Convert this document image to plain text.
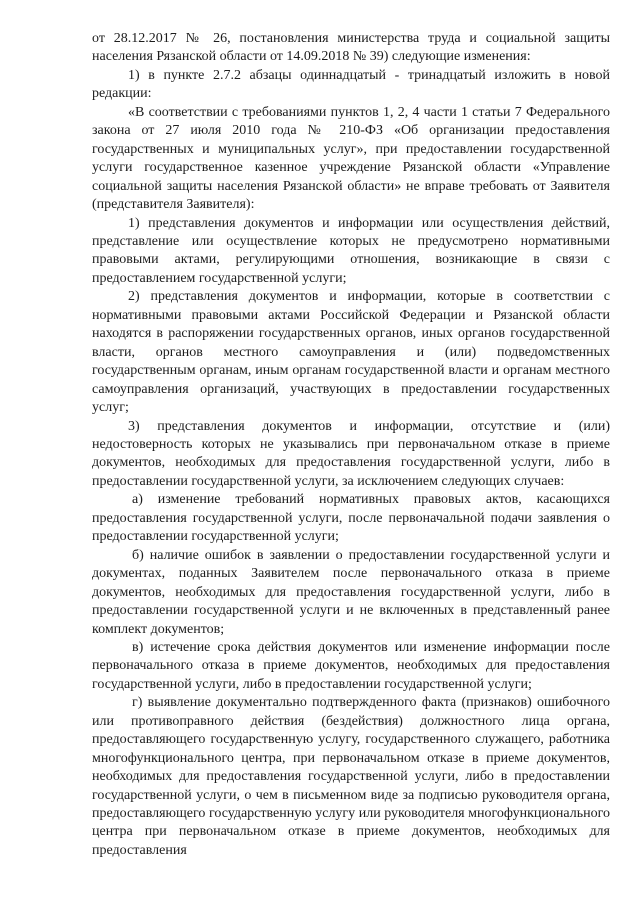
от 28.12.2017 № 26, постановления министерства труда и социальной защиты населения Рязанской области от 14.09.2018 № 39) следующие изменения:

1) в пункте 2.7.2 абзацы одиннадцатый - тринадцатый изложить в новой редакции:

«В соответствии с требованиями пунктов 1, 2, 4 части 1 статьи 7 Федерального закона от 27 июля 2010 года № 210-ФЗ «Об организации предоставления государственных и муниципальных услуг», при предоставлении государственной услуги государственное казенное учреждение Рязанской области «Управление социальной защиты населения Рязанской области» не вправе требовать от Заявителя (представителя Заявителя):

1) представления документов и информации или осуществления действий, представление или осуществление которых не предусмотрено нормативными правовыми актами, регулирующими отношения, возникающие в связи с предоставлением государственной услуги;

2) представления документов и информации, которые в соответствии с нормативными правовыми актами Российской Федерации и Рязанской области находятся в распоряжении государственных органов, иных органов государственной власти, органов местного самоуправления и (или) подведомственных государственным органам, иным органам государственной власти и органам местного самоуправления организаций, участвующих в предоставлении государственных услуг;

3) представления документов и информации, отсутствие и (или) недостоверность которых не указывались при первоначальном отказе в приеме документов, необходимых для предоставления государственной услуги, либо в предоставлении государственной услуги, за исключением следующих случаев:

а) изменение требований нормативных правовых актов, касающихся предоставления государственной услуги, после первоначальной подачи заявления о предоставлении государственной услуги;

б) наличие ошибок в заявлении о предоставлении государственной услуги и документах, поданных Заявителем после первоначального отказа в приеме документов, необходимых для предоставления государственной услуги, либо в предоставлении государственной услуги и не включенных в представленный ранее комплект документов;

в) истечение срока действия документов или изменение информации после первоначального отказа в приеме документов, необходимых для предоставления государственной услуги, либо в предоставлении государственной услуги;

г) выявление документально подтвержденного факта (признаков) ошибочного или противоправного действия (бездействия) должностного лица органа, предоставляющего государственную услугу, государственного служащего, работника многофункционального центра, при первоначальном отказе в приеме документов, необходимых для предоставления государственной услуги, либо в предоставлении государственной услуги, о чем в письменном виде за подписью руководителя органа, предоставляющего государственную услугу или руководителя многофункционального центра при первоначальном отказе в приеме документов, необходимых для предоставления
